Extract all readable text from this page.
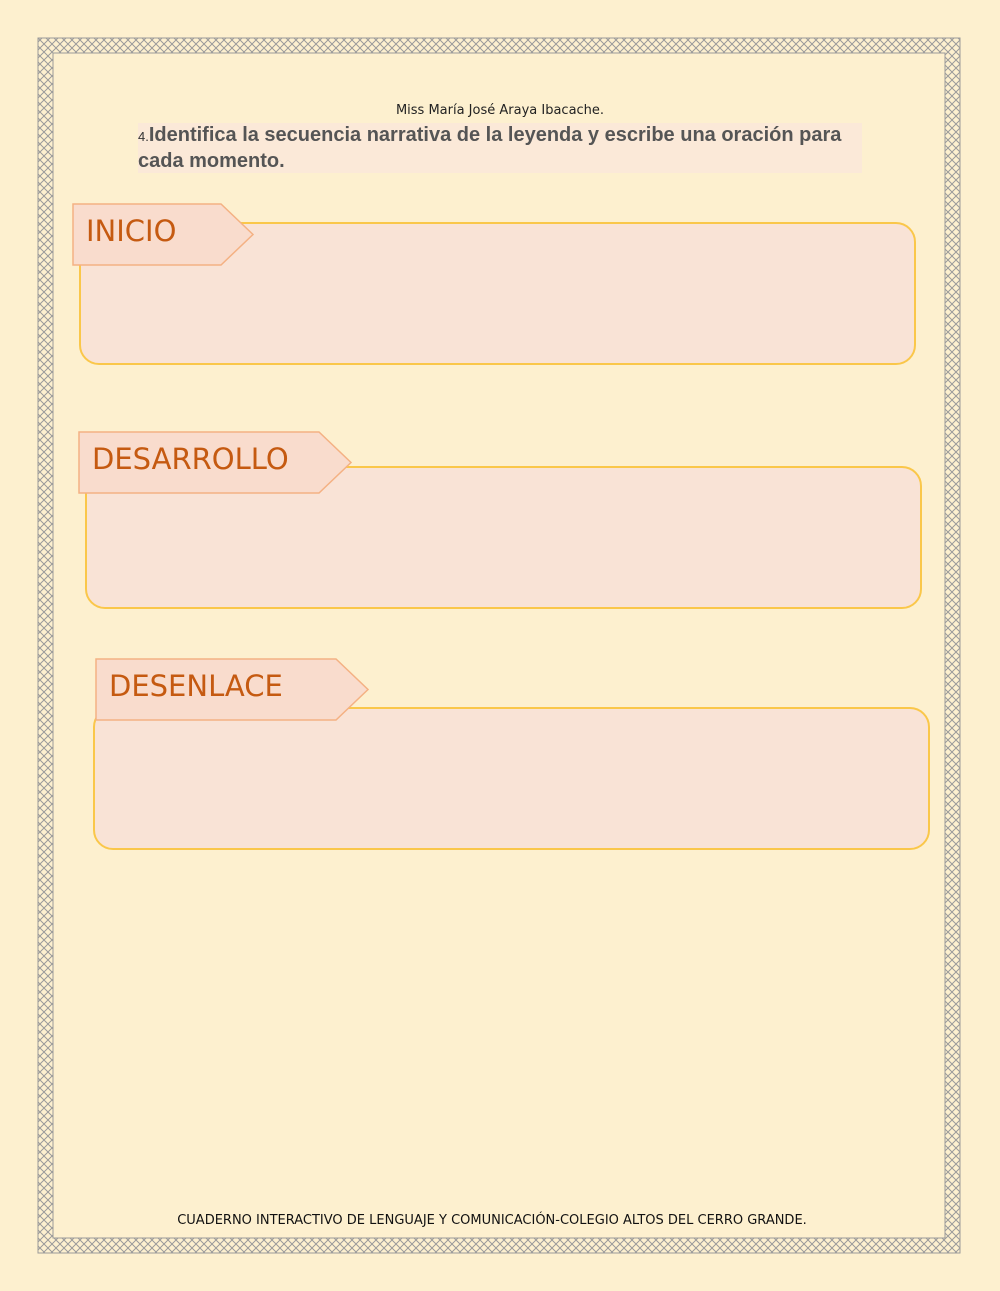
Miss María José Araya Ibacache.
4.Identifica la secuencia narrativa de la leyenda y escribe una oración para cada momento.
INICIO
DESARROLLO
DESENLACE
CUADERNO INTERACTIVO DE LENGUAJE Y COMUNICACIÓN-COLEGIO ALTOS DEL CERRO GRANDE.
